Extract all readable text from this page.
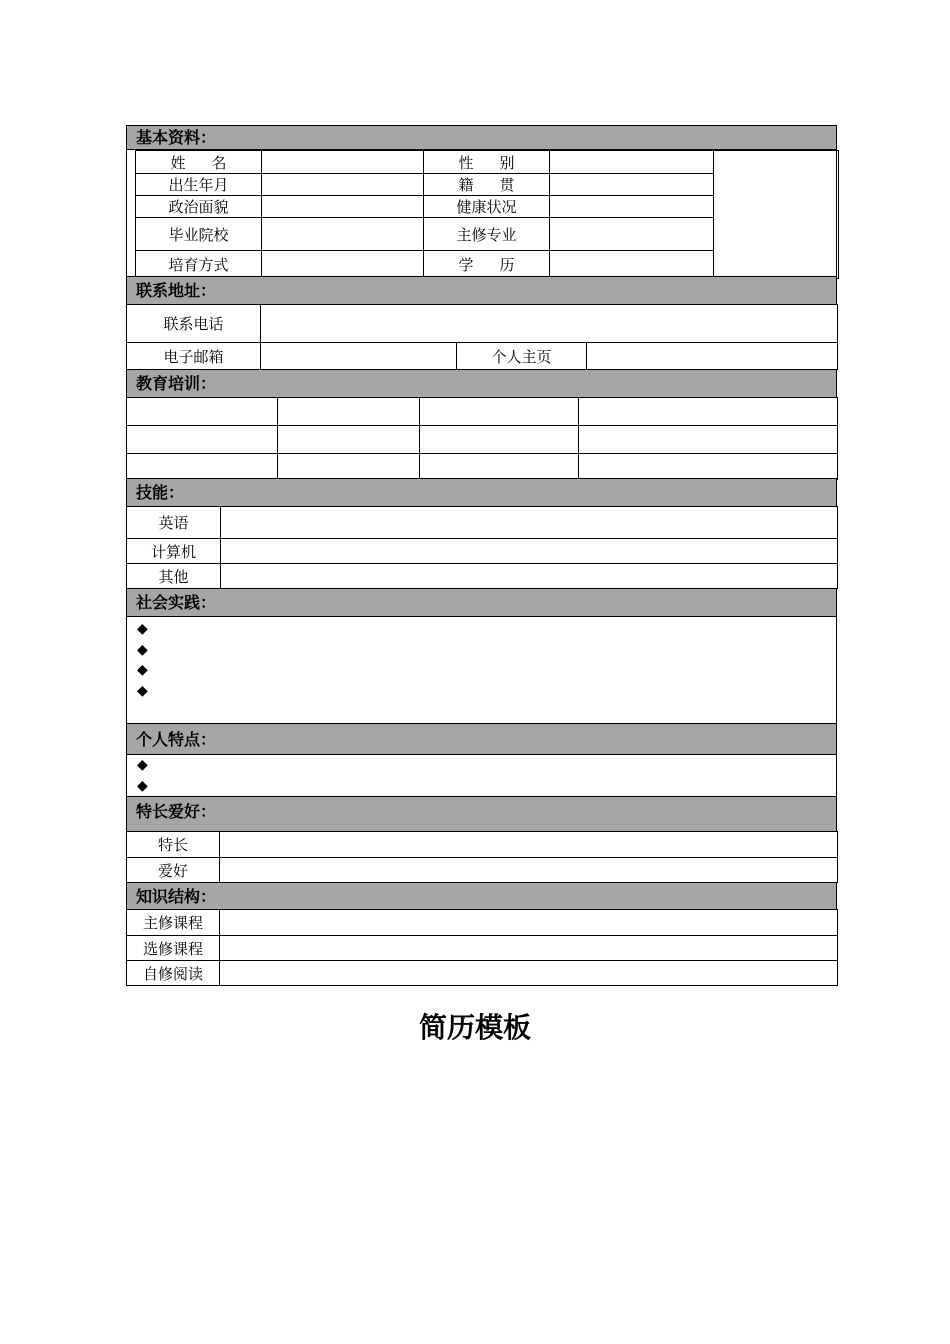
基本资料：
姓名		性别		
出生年月		籍贯		
政治面貌		健康状况		
毕业院校		主修专业		
培育方式		学历		
联系地址：
联系电话			
电子邮箱		个人主页	
教育培训：

技能：
英语	
计算机	
其他	
社会实践：
◆
◆
◆
◆
个人特点：
◆
◆
特长爱好：
特长	
爱好	
知识结构：
主修课程	
选修课程	
自修阅读	
简历模板
